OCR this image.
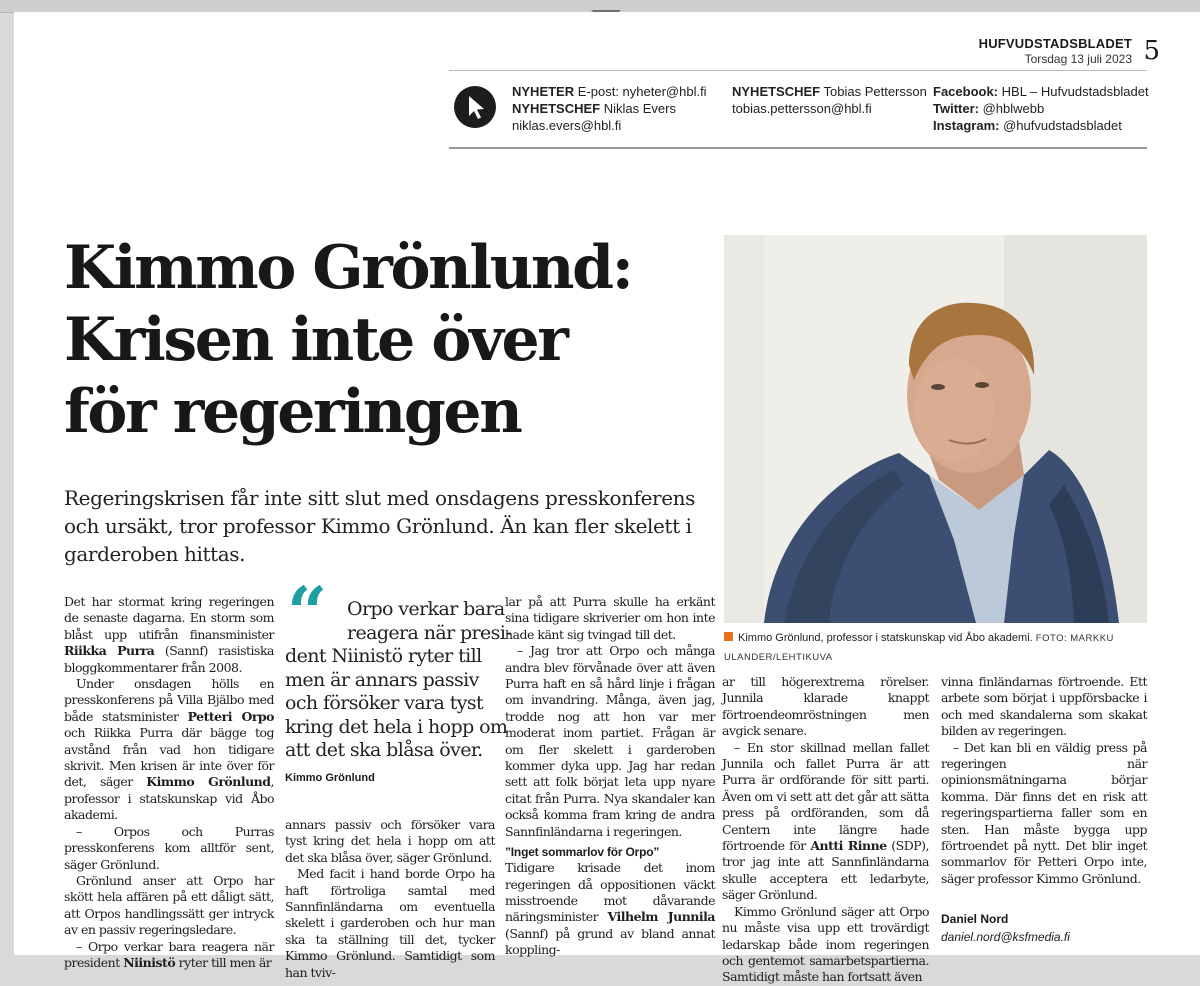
HUFVUDSTADSBLADET
Torsdag 13 juli 2023 5
NYHETER E-post: nyheter@hbl.fi
NYHETSCHEF Niklas Evers
niklas.evers@hbl.fi
NYHETSCHEF Tobias Pettersson
tobias.pettersson@hbl.fi
Facebook: HBL – Hufvudstadsbladet
Twitter: @hblwebb
Instagram: @hufvudstadsbladet
Kimmo Grönlund:
Krisen inte över
för regeringen
Regeringskrisen får inte sitt slut med onsdagens presskonferens och ursäkt, tror professor Kimmo Grönlund. Än kan fler skelett i garderoben hittas.
Kimmo Grönlund, professor i statskunskap vid Åbo akademi. FOTO: MARKKU ULANDER/LEHTIKUVA

Det har stormat kring regeringen de senaste dagarna. En storm som blåst upp utifrån finansminister Riikka Purra (Sannf) rasistiska bloggkommentarer från 2008.

Under onsdagen hölls en presskonferens på Villa Bjälbo med både statsminister Petteri Orpo och Riikka Purra där bägge tog avstånd från vad hon tidigare skrivit. Men krisen är inte över för det, säger Kimmo Grönlund, professor i statskunskap vid Åbo akademi.

– Orpos och Purras presskonferens kom alltför sent, säger Grönlund.

Grönlund anser att Orpo har skött hela affären på ett dåligt sätt, att Orpos handlingssätt ger intryck av en passiv regeringsledare.

– Orpo verkar bara reagera när president Niinistö ryter till men är

“	Orpo verkar bara
reagera när presi-
dent Niinistö ryter till
men är annars passiv
och försöker vara tyst
kring det hela i hopp om
att det ska blåsa över.
Kimmo Grönlund

annars passiv och försöker vara tyst kring det hela i hopp om att det ska blåsa över, säger Grönlund.

Med facit i hand borde Orpo ha haft förtroliga samtal med Sannfinländarna om eventuella skelett i garderoben och hur man ska ta ställning till det, tycker Kimmo Grönlund. Samtidigt som han tviv-

lar på att Purra skulle ha erkänt sina tidigare skriverier om hon inte hade känt sig tvingad till det.

– Jag tror att Orpo och många andra blev förvånade över att även Purra haft en så hård linje i frågan om invandring. Många, även jag, trodde nog att hon var mer moderat inom partiet. Frågan är om fler skelett i garderoben kommer dyka upp. Jag har redan sett att folk börjat leta upp nyare citat från Purra. Nya skandaler kan också komma fram kring de andra Sannfinländarna i regeringen.

”Inget sommarlov för Orpo”

Tidigare krisade det inom regeringen då oppositionen väckt misstroende mot dåvarande näringsminister Vilhelm Junnila (Sannf) på grund av bland annat koppling-

ar till högerextrema rörelser. Junnila klarade knappt förtroendeomröstningen men avgick senare.

– En stor skillnad mellan fallet Junnila och fallet Purra är att Purra är ordförande för sitt parti. Även om vi sett att det går att sätta press på ordföranden, som då Centern inte längre hade förtroende för Antti Rinne (SDP), tror jag inte att Sannfinländarna skulle acceptera ett ledarbyte, säger Grönlund.

Kimmo Grönlund säger att Orpo nu måste visa upp ett trovärdigt ledarskap både inom regeringen och gentemot samarbetspartierna. Samtidigt måste han fortsatt även

vinna finländarnas förtroende. Ett arbete som börjat i uppförsbacke i och med skandalerna som skakat bilden av regeringen.

– Det kan bli en väldig press på regeringen när opinionsmätningarna börjar komma. Där finns det en risk att regeringspartierna faller som en sten. Han måste bygga upp förtroendet på nytt. Det blir inget sommarlov för Petteri Orpo inte, säger professor Kimmo Grönlund.

Daniel Nord
daniel.nord@ksfmedia.fi
